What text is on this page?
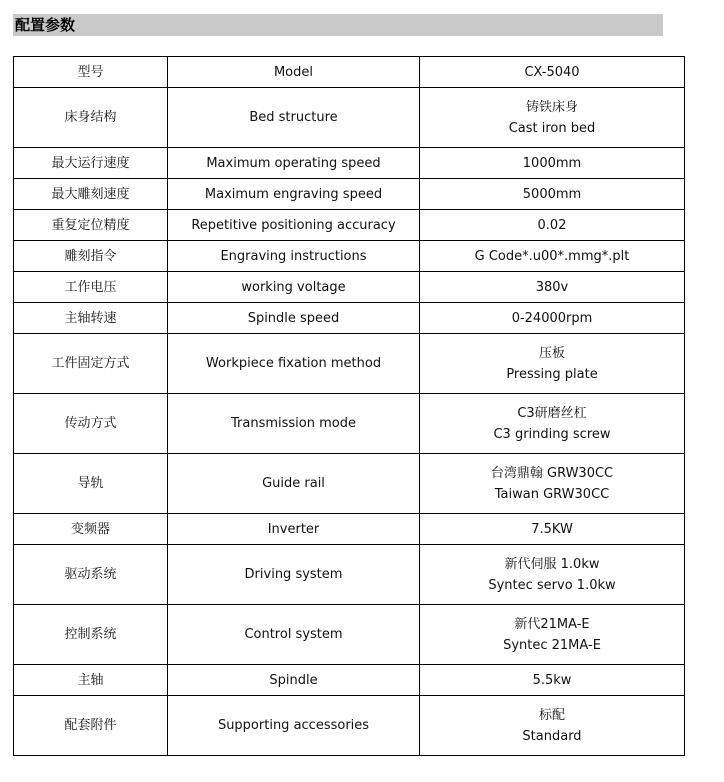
配置参数
型号	Model	CX-5040

床身结构	Bed structure	铸铁床身
Cast iron bed

最大运行速度	Maximum operating speed	1000mm

最大雕刻速度	Maximum engraving speed	5000mm

重复定位精度	Repetitive positioning accuracy	0.02

雕刻指令	Engraving instructions	G Code*.u00*.mmg*.plt

工作电压	working voltage	380v

主轴转速	Spindle speed	0-24000rpm

工件固定方式	Workpiece fixation method	压板
Pressing plate

传动方式	Transmission mode	C3研磨丝杠
C3 grinding screw

导轨	Guide rail	台湾鼎翰 GRW30CC
Taiwan GRW30CC

变频器	Inverter	7.5KW

驱动系统	Driving system	新代伺服 1.0kw
Syntec servo 1.0kw

控制系统	Control system	新代21MA-E
Syntec 21MA-E

主轴	Spindle	5.5kw

配套附件	Supporting accessories	标配
Standard
